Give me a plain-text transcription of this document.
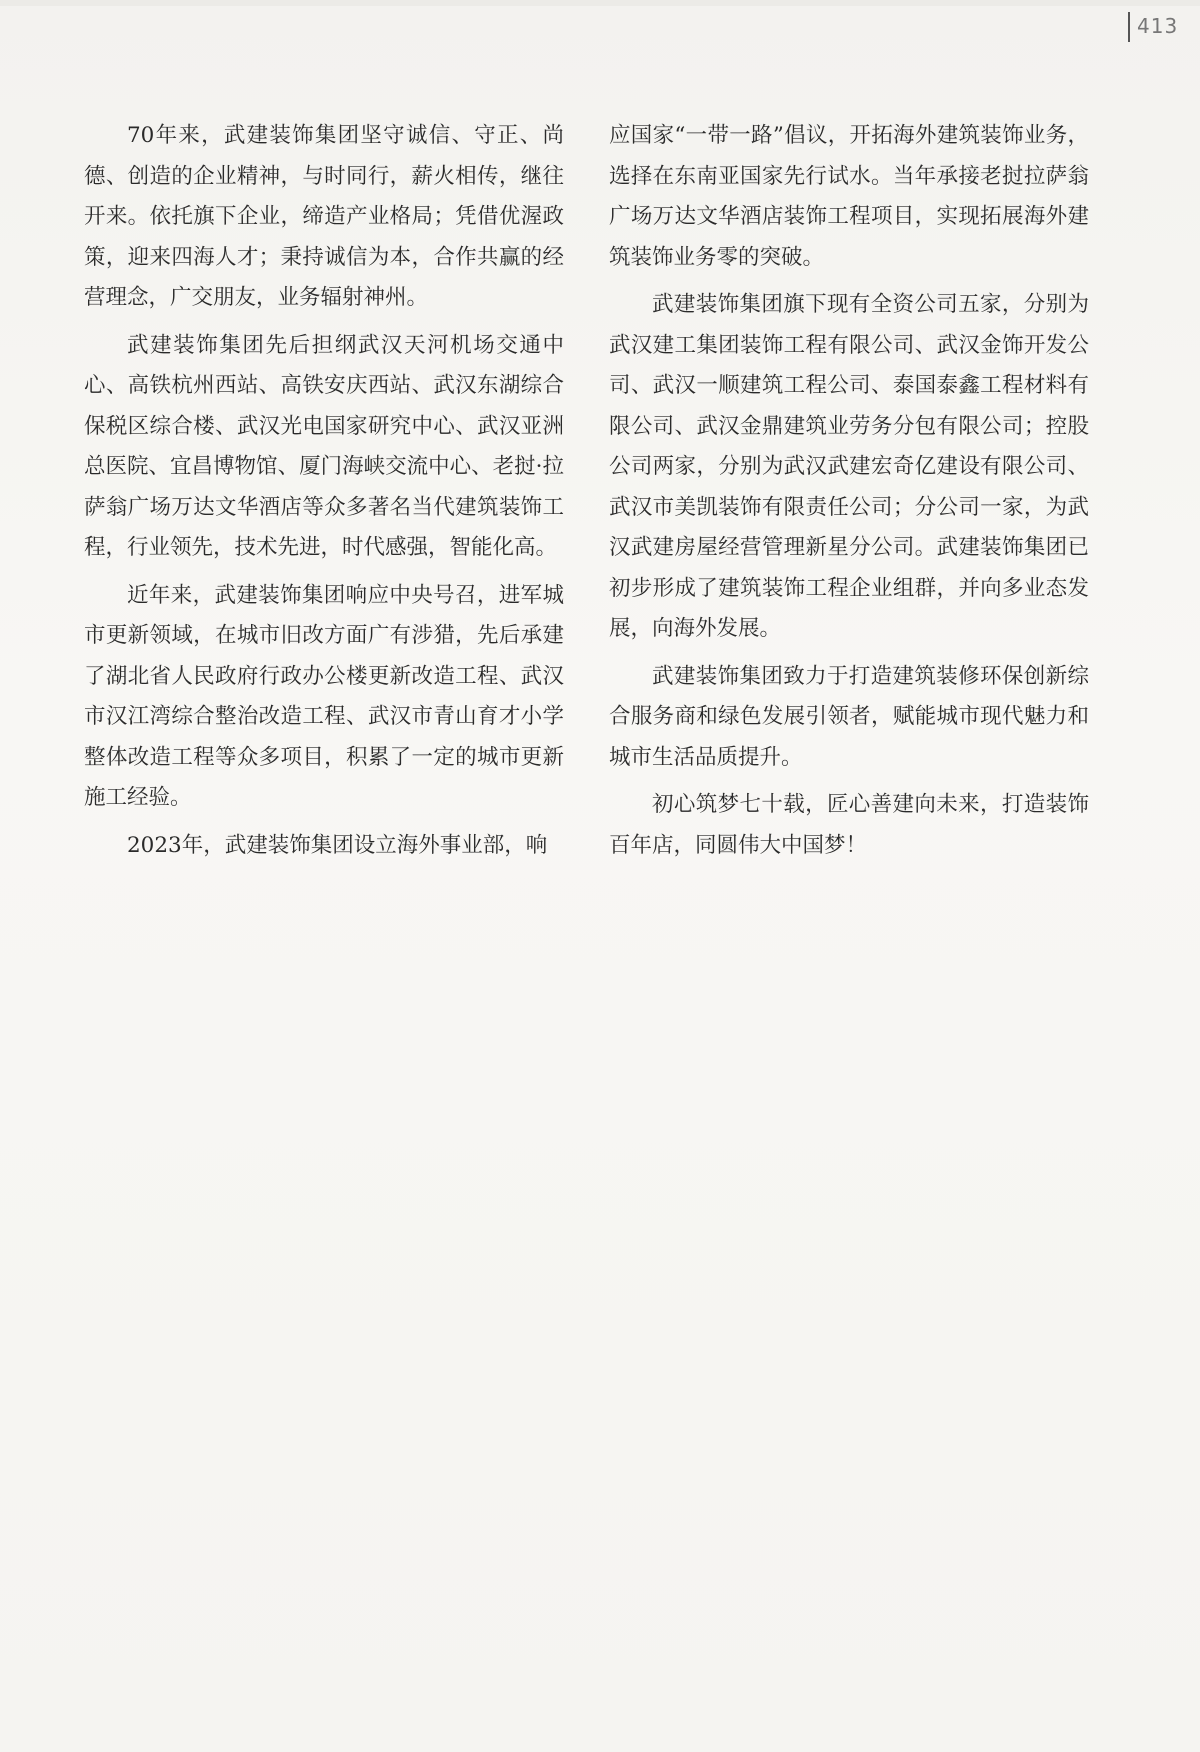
413

70年来，武建装饰集团坚守诚信、守正、尚德、创造的企业精神，与时同行，薪火相传，继往开来。依托旗下企业，缔造产业格局；凭借优渥政策，迎来四海人才；秉持诚信为本，合作共赢的经营理念，广交朋友，业务辐射神州。

武建装饰集团先后担纲武汉天河机场交通中心、高铁杭州西站、高铁安庆西站、武汉东湖综合保税区综合楼、武汉光电国家研究中心、武汉亚洲总医院、宜昌博物馆、厦门海峡交流中心、老挝·拉萨翁广场万达文华酒店等众多著名当代建筑装饰工程，行业领先，技术先进，时代感强，智能化高。

近年来，武建装饰集团响应中央号召，进军城市更新领域，在城市旧改方面广有涉猎，先后承建了湖北省人民政府行政办公楼更新改造工程、武汉市汉江湾综合整治改造工程、武汉市青山育才小学整体改造工程等众多项目，积累了一定的城市更新施工经验。

2023年，武建装饰集团设立海外事业部，响

应国家“一带一路”倡议，开拓海外建筑装饰业务，选择在东南亚国家先行试水。当年承接老挝拉萨翁广场万达文华酒店装饰工程项目，实现拓展海外建筑装饰业务零的突破。

武建装饰集团旗下现有全资公司五家，分别为武汉建工集团装饰工程有限公司、武汉金饰开发公司、武汉一顺建筑工程公司、泰国泰鑫工程材料有限公司、武汉金鼎建筑业劳务分包有限公司；控股公司两家，分别为武汉武建宏奇亿建设有限公司、武汉市美凯装饰有限责任公司；分公司一家，为武汉武建房屋经营管理新星分公司。武建装饰集团已初步形成了建筑装饰工程企业组群，并向多业态发展，向海外发展。

武建装饰集团致力于打造建筑装修环保创新综合服务商和绿色发展引领者，赋能城市现代魅力和城市生活品质提升。

初心筑梦七十载，匠心善建向未来，打造装饰百年店，同圆伟大中国梦！
